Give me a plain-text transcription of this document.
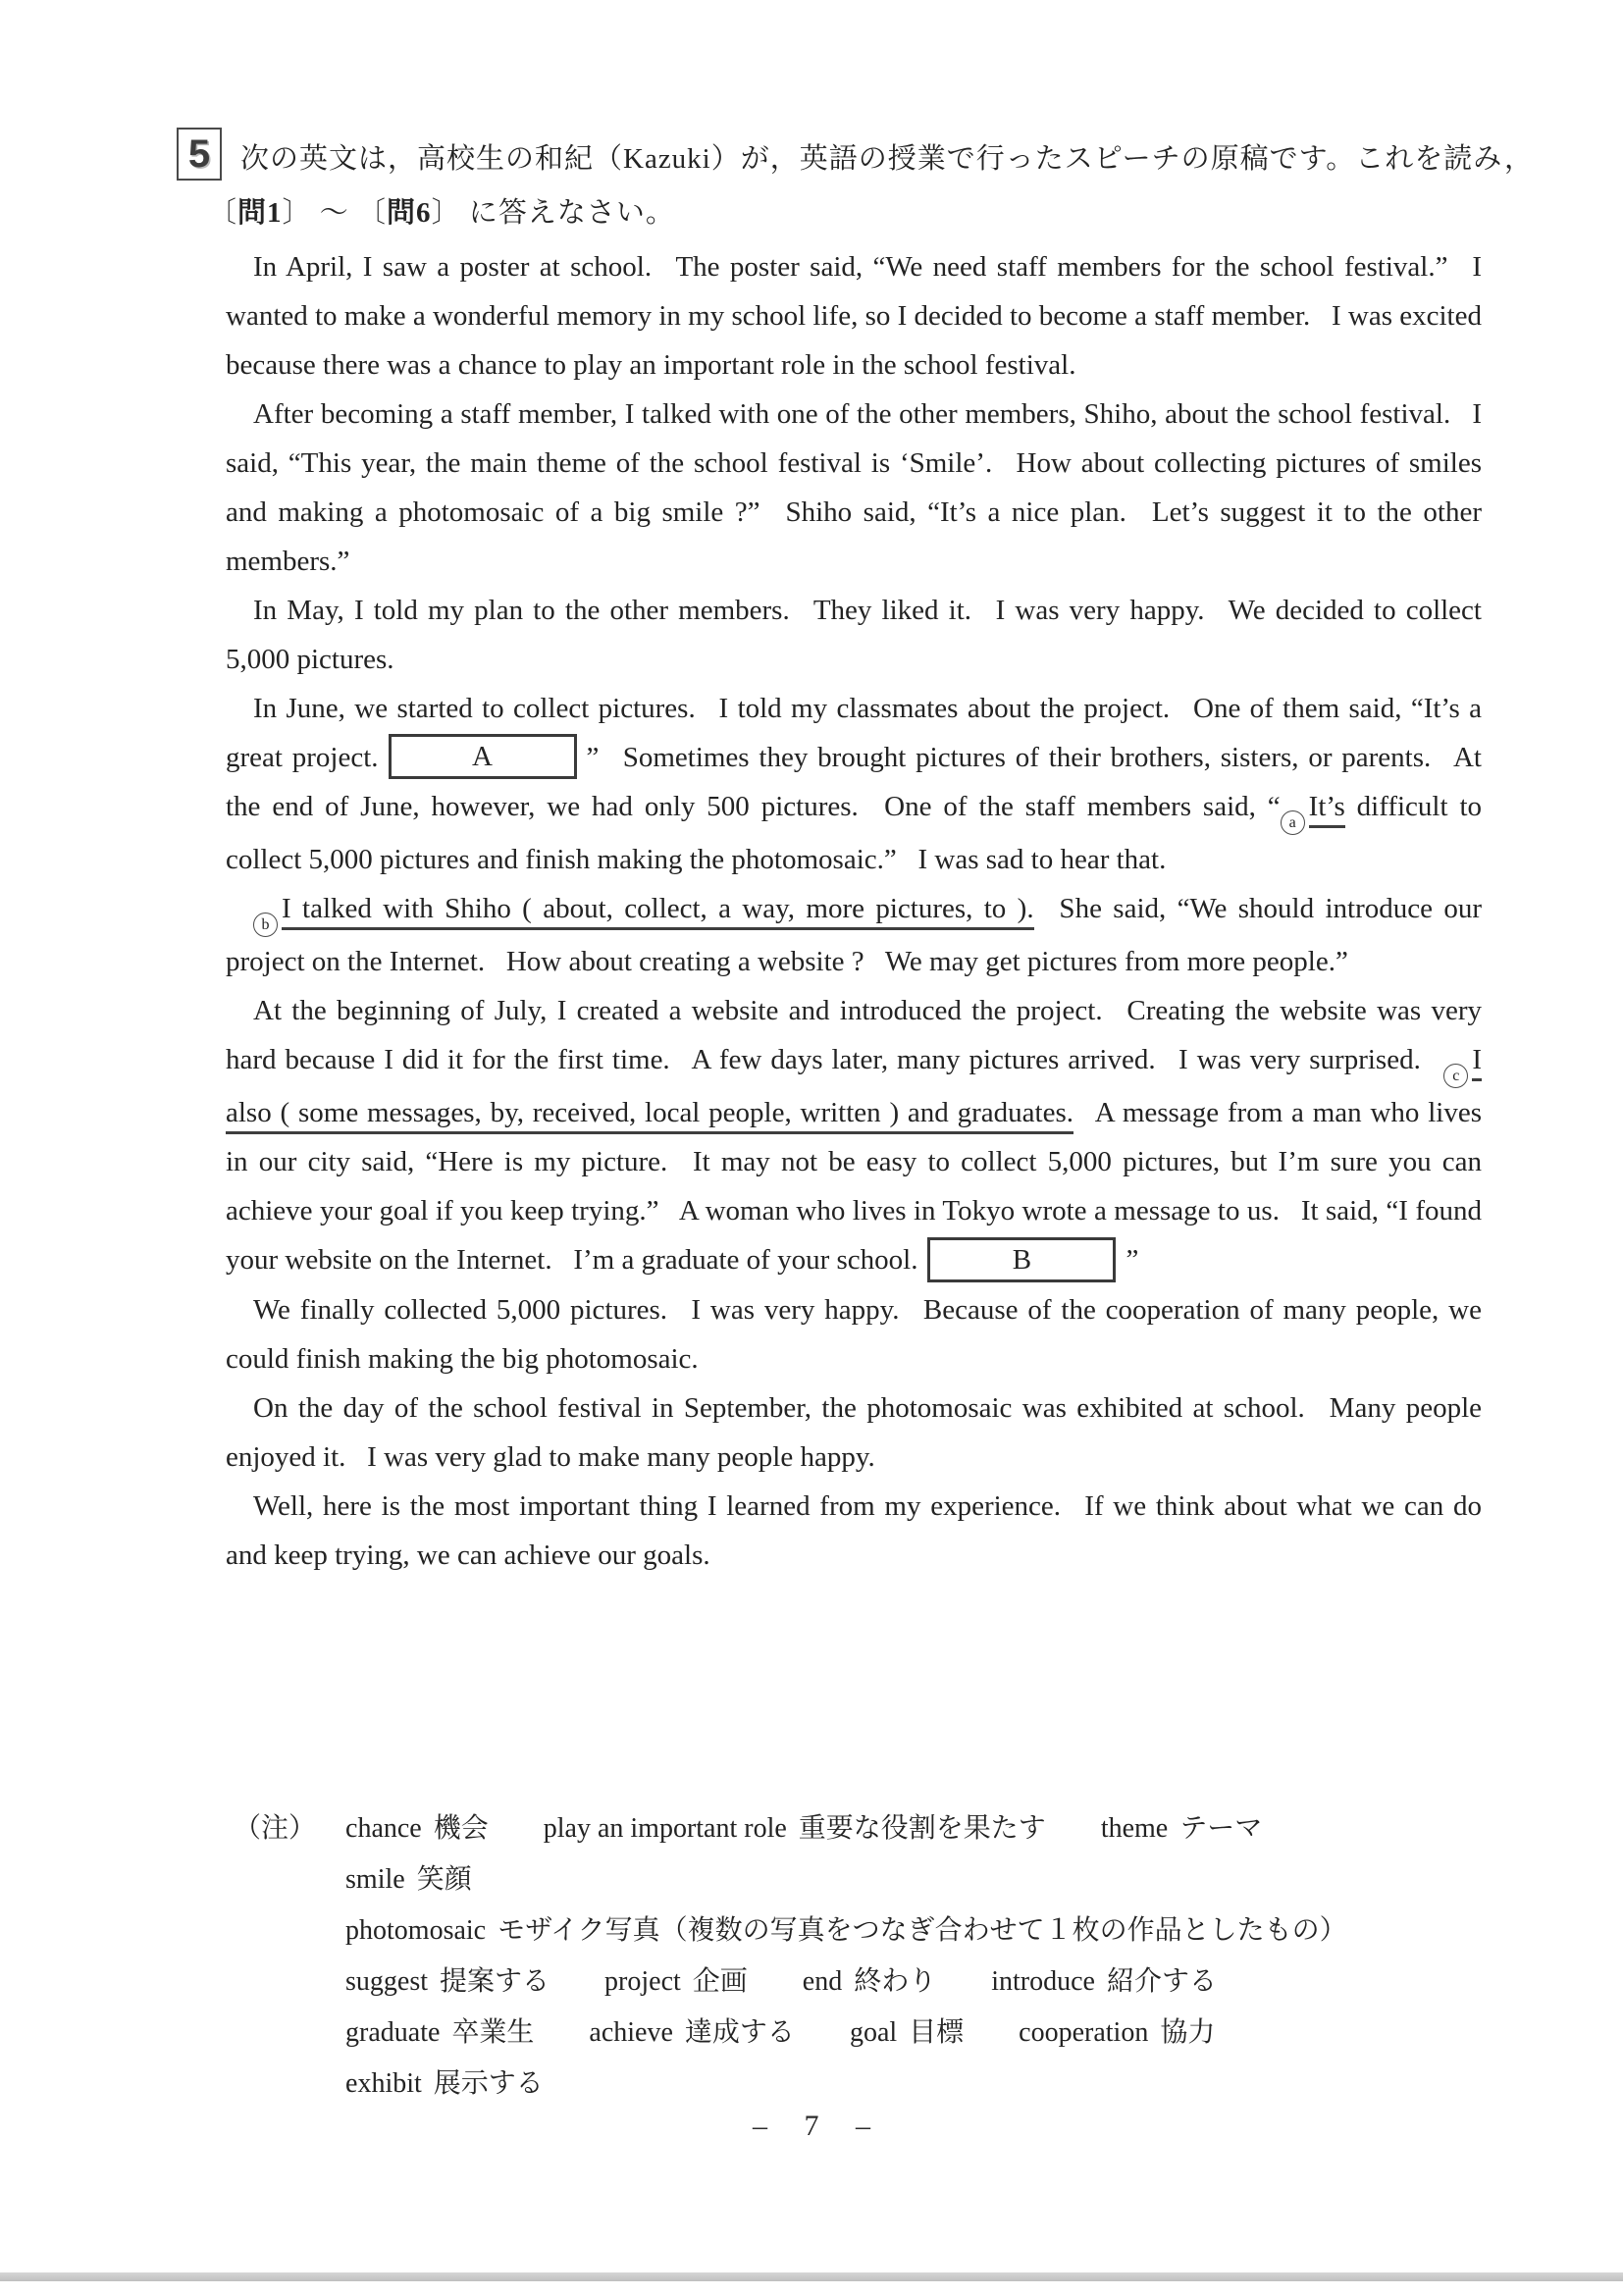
5 次の英文は，高校生の和紀（Kazuki）が，英語の授業で行ったスピーチの原稿です。これを読み，
〔問1〕 ～ 〔問6〕 に答えなさい。

In April, I saw a poster at school.  The poster said, “We need staff members for the school festival.”  I wanted to make a wonderful memory in my school life, so I decided to become a staff member.  I was excited because there was a chance to play an important role in the school festival.

After becoming a staff member, I talked with one of the other members, Shiho, about the school festival.  I said, “This year, the main theme of the school festival is ‘Smile’.  How about collecting pictures of smiles and making a photomosaic of a big smile ?”  Shiho said, “It’s a nice plan.  Let’s suggest it to the other members.”

In May, I told my plan to the other members.  They liked it.  I was very happy.  We decided to collect 5,000 pictures.

In June, we started to collect pictures.  I told my classmates about the project.  One of them said, “It’s a great project.	A	”  Sometimes they brought pictures of their brothers, sisters, or parents.  At the end of June, however, we had only 500 pictures.  One of the staff members said, “aIt’s difficult to collect 5,000 pictures and finish making the photomosaic.”  I was sad to hear that.

bI talked with Shiho ( about, collect, a way, more pictures, to ).  She said, “We should introduce our project on the Internet.  How about creating a website ?  We may get pictures from more people.”

At the beginning of July, I created a website and introduced the project.  Creating the website was very hard because I did it for the first time.  A few days later, many pictures arrived.  I was very surprised.  cI also ( some messages, by, received, local people, written ) and graduates.  A message from a man who lives in our city said, “Here is my picture.  It may not be easy to collect 5,000 pictures, but I’m sure you can achieve your goal if you keep trying.”  A woman who lives in Tokyo wrote a message to us.  It said, “I found your website on the Internet.  I’m a graduate of your school.	B	”

We finally collected 5,000 pictures.  I was very happy.  Because of the cooperation of many people, we could finish making the big photomosaic.

On the day of the school festival in September, the photomosaic was exhibited at school.  Many people enjoyed it.  I was very glad to make many people happy.

Well, here is the most important thing I learned from my experience.  If we think about what we can do and keep trying, we can achieve our goals.

（注） chance 機会 play an important role 重要な役割を果たす theme テーマ
smile 笑顔
photomosaic モザイク写真（複数の写真をつなぎ合わせて１枚の作品としたもの）
suggest 提案する project 企画 end 終わり introduce 紹介する
graduate 卒業生 achieve 達成する goal 目標 cooperation 協力
exhibit 展示する
– 7 –
